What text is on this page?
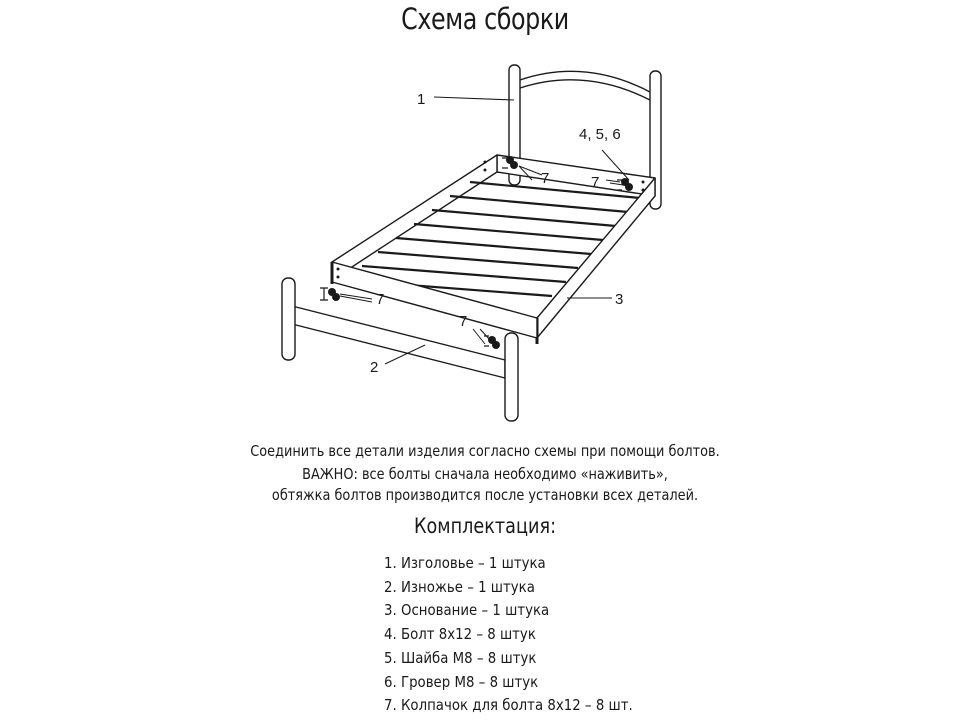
Схема сборки
1
4, 5, 6
7	7
7
7
3
2
Соединить все детали изделия согласно схемы при помощи болтов.
ВАЖНО: все болты сначала необходимо «наживить»,
обтяжка болтов производится после установки всех деталей.
Комплектация:
1. Изголовье – 1 штука
2. Изножье – 1 штука
3. Основание – 1 штука
4. Болт 8х12 – 8 штук
5. Шайба М8 – 8 штук
6. Гровер М8 – 8 штук
7. Колпачок для болта 8х12 – 8 шт.
